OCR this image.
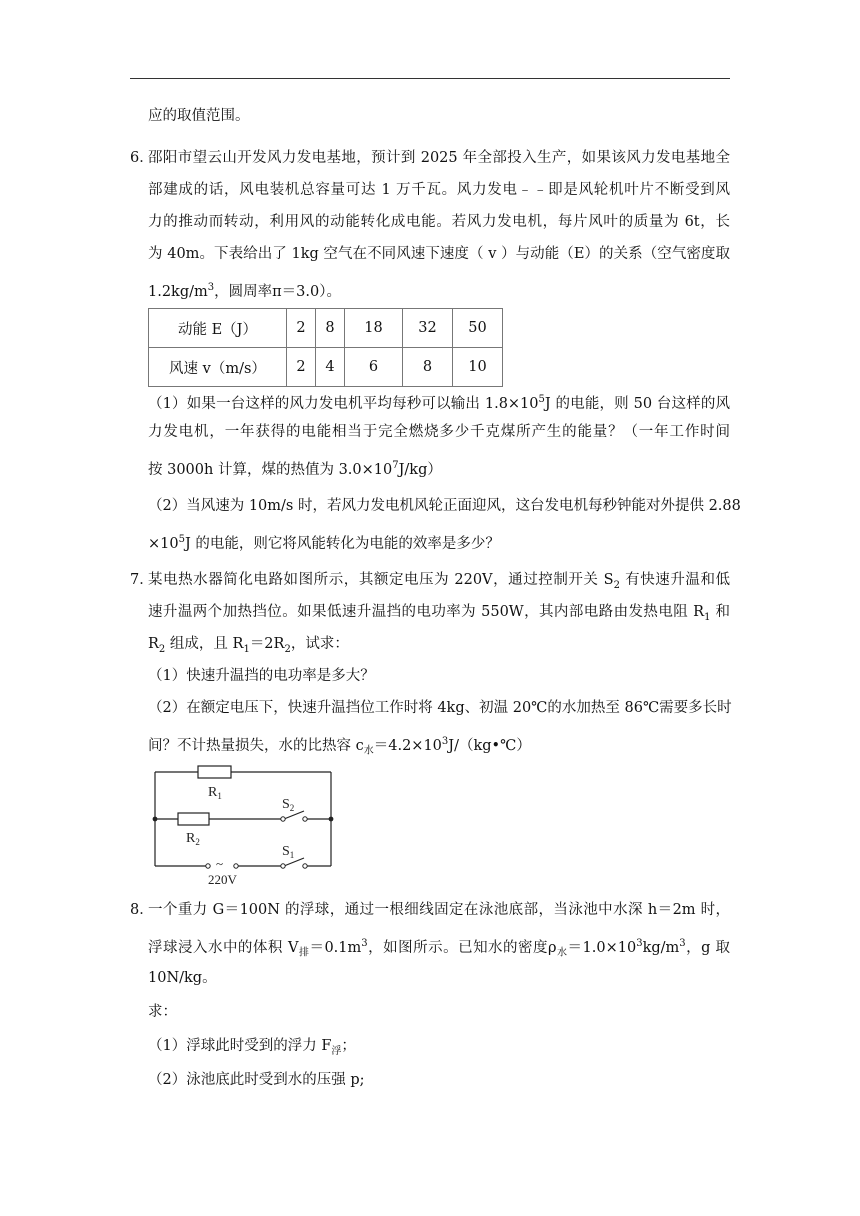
应的取值范围。
6．
邵阳市望云山开发风力发电基地，预计到 2025 年全部投入生产，如果该风力发电基地全
部建成的话，风电装机总容量可达 1 万千瓦。风力发电﹣﹣即是风轮机叶片不断受到风
力的推动而转动，利用风的动能转化成电能。若风力发电机，每片风叶的质量为 6t，长
为 40m。下表给出了 1kg 空气在不同风速下速度（ v ）与动能（E）的关系（空气密度取
$1.2kg/m^3$，圆周率π＝3.0）。
动能 E（J）	2	8	18	32	50
风速 v（m/s）	2	4	6	8	10
（1）如果一台这样的风力发电机平均每秒可以输出 $1.8\times 10^5J$ 的电能，则 50 台这样的风
力发电机，一年获得的电能相当于完全燃烧多少千克煤所产生的能量？（一年工作时间
按 3000h 计算，煤的热值为 $3.0\times 10^7J/kg$）
（2）当风速为 10m/s 时，若风力发电机风轮正面迎风，这台发电机每秒钟能对外提供 2.88
$\times 10^5J$ 的电能，则它将风能转化为电能的效率是多少？
7．
某电热水器简化电路如图所示，其额定电压为 220V，通过控制开关 $S_2$ 有快速升温和低
速升温两个加热挡位。如果低速升温挡的电功率为 550W，其内部电路由发热电阻 $R_1$ 和
$R_2$ 组成，且 $R_1=2R_2$，试求：
（1）快速升温挡的电功率是多大？
（2）在额定电压下，快速升温挡位工作时将 4kg、初温 20℃的水加热至 86℃需要多长时
间？不计热量损失，水的比热容 $c_水=4.2\times 10^3J/(kg•℃)$
$R_1$
$R_2$
$S_2$
$S_1$
~
220V
8．
一个重力 G＝100N 的浮球，通过一根细线固定在泳池底部，当泳池中水深 h＝2m 时，
浮球浸入水中的体积 $V_排=0.1m^3$，如图所示。已知水的密度$\rho_水=1.0\times 10^3kg/m^3$，g 取
10N/kg。
求：
（1）浮球此时受到的浮力 $F_浮$；
（2）泳池底此时受到水的压强 p;
